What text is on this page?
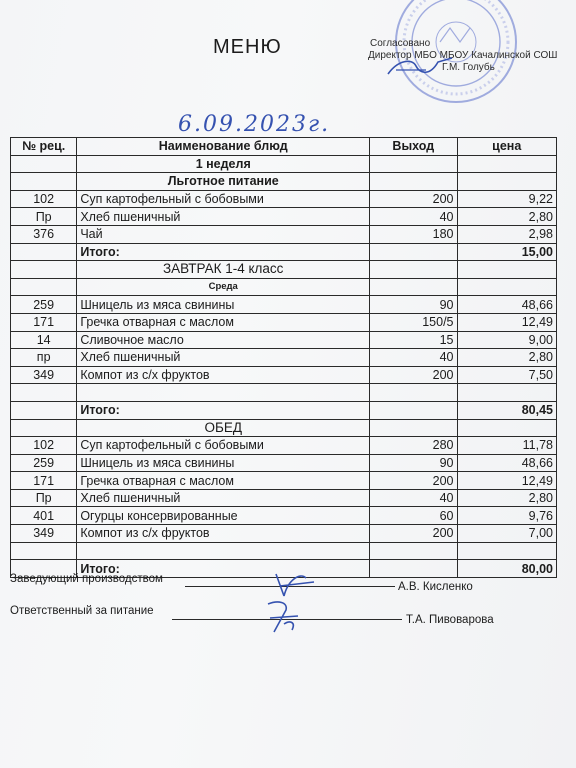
МЕНЮ	Согласовано
Директор МБО МБОУ Качалинской СОШ
Г.М. Голубь
6.09.2023г.
№ рец.	Наименование блюд	Выход	цена
	1 неделя		
	Льготное питание		
102	Суп картофельный с бобовыми	200	9,22
Пр	Хлеб пшеничный	40	2,80
376	Чай	180	2,98
	Итого:		15,00
	ЗАВТРАК 1-4 класс		
	Среда		
259	Шницель из мяса свинины	90	48,66
171	Гречка отварная с маслом	150/5	12,49
14	Сливочное масло	15	9,00
пр	Хлеб пшеничный	40	2,80
349	Компот из с/х фруктов	200	7,50

	Итого:		80,45
	ОБЕД		
102	Суп картофельный с бобовыми	280	11,78
259	Шницель из мяса свинины	90	48,66
171	Гречка отварная с маслом	200	12,49
Пр	Хлеб пшеничный	40	2,80
401	Огурцы консервированные	60	9,76
349	Компот из с/х фруктов	200	7,00

	Итого:		80,00
Заведующий производством
А.В. Кисленко
Ответственный за питание
Т.А. Пивоварова
